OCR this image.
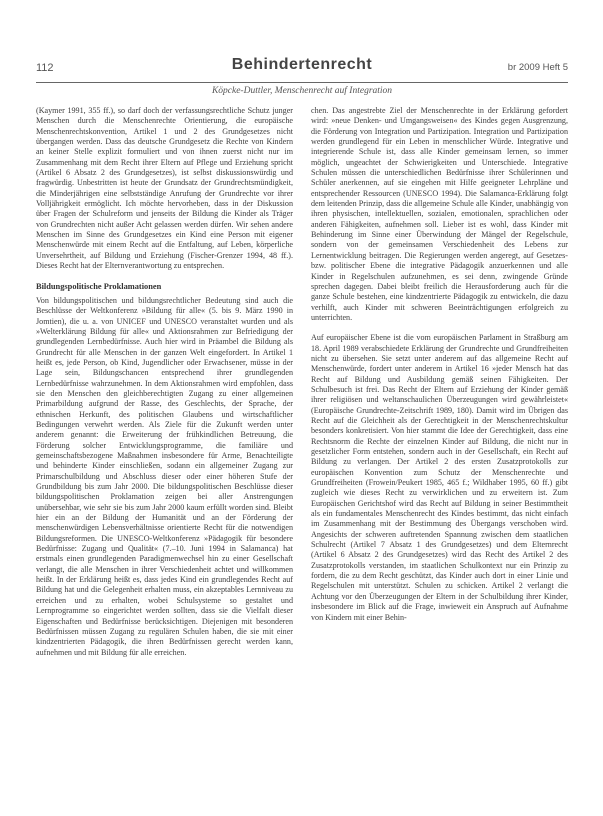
112	Behindertenrecht	br 2009 Heft 5
Köpcke-Duttler, Menschenrecht auf Integration

(Kaymer 1991, 355 ff.), so darf doch der verfassungsrechtliche Schutz junger Menschen durch die Menschenrechte Orientierung, die europäische Menschenrechtskonvention, Artikel 1 und 2 des Grundgesetzes nicht übergangen werden. Dass das deutsche Grundgesetz die Rechte von Kindern an keiner Stelle explizit formuliert und von ihnen zuerst nicht nur im Zusammenhang mit dem Recht ihrer Eltern auf Pflege und Erziehung spricht (Artikel 6 Absatz 2 des Grundgesetzes), ist selbst diskussionswürdig und fragwürdig. Unbestritten ist heute der Grundsatz der Grundrechtsmündigkeit, die Minderjährigen eine selbstständige Anrufung der Grundrechte vor ihrer Volljährigkeit ermöglicht. Ich möchte hervorheben, dass in der Diskussion über Fragen der Schulreform und jenseits der Bildung die Kinder als Träger von Grundrechten nicht außer Acht gelassen werden dürfen. Wir sehen andere Menschen im Sinne des Grundgesetzes ein Kind eine Person mit eigener Menschenwürde mit einem Recht auf die Entfaltung, auf Leben, körperliche Unversehrtheit, auf Bildung und Erziehung (Fischer-Grenzer 1994, 48 ff.). Dieses Recht hat der Elternverantwortung zu entsprechen.

Bildungspolitische Proklamationen

Von bildungspolitischen und bildungsrechtlicher Bedeutung sind auch die Beschlüsse der Weltkonferenz »Bildung für alle« (5. bis 9. März 1990 in Jomtien), die u. a. von UNICEF und UNESCO veranstaltet wurden und als »Welterklärung Bildung für alle« und Aktionsrahmen zur Befriedigung der grundlegenden Lernbedürfnisse. Auch hier wird in Präambel die Bildung als Grundrecht für alle Menschen in der ganzen Welt eingefordert. In Artikel 1 heißt es, jede Person, ob Kind, Jugendlicher oder Erwachsener, müsse in der Lage sein, Bildungschancen entsprechend ihrer grundlegenden Lernbedürfnisse wahrzunehmen. In dem Aktionsrahmen wird empfohlen, dass sie den Menschen den gleichberechtigten Zugang zu einer allgemeinen Primarbildung aufgrund der Rasse, des Geschlechts, der Sprache, der ethnischen Herkunft, des politischen Glaubens und wirtschaftlicher Bedingungen verwehrt werden. Als Ziele für die Zukunft werden unter anderem genannt: die Erweiterung der frühkindlichen Betreuung, die Förderung solcher Entwicklungsprogramme, die familiäre und gemeinschaftsbezogene Maßnahmen insbesondere für Arme, Benachteiligte und behinderte Kinder einschließen, sodann ein allgemeiner Zugang zur Primarschulbildung und Abschluss dieser oder einer höheren Stufe der Grundbildung bis zum Jahr 2000. Die bildungspolitischen Beschlüsse dieser bildungspolitischen Proklamation zeigen bei aller Anstrengungen unübersehbar, wie sehr sie bis zum Jahr 2000 kaum erfüllt worden sind. Bleibt hier ein an der Bildung der Humanität und an der Förderung der menschenwürdigen Lebensverhältnisse orientierte Recht für die notwendigen Bildungsreformen. Die UNESCO-Weltkonferenz »Pädagogik für besondere Bedürfnisse: Zugang und Qualität« (7.–10. Juni 1994 in Salamanca) hat erstmals einen grundlegenden Paradigmenwechsel hin zu einer Gesellschaft verlangt, die alle Menschen in ihrer Verschiedenheit achtet und willkommen heißt. In der Erklärung heißt es, dass jedes Kind ein grundlegendes Recht auf Bildung hat und die Gelegenheit erhalten muss, ein akzeptables Lernniveau zu erreichen und zu erhalten, wobei Schulsysteme so gestaltet und Lernprogramme so eingerichtet werden sollten, dass sie die Vielfalt dieser Eigenschaften und Bedürfnisse berücksichtigen. Diejenigen mit besonderen Bedürfnissen müssen Zugang zu regulären Schulen haben, die sie mit einer kindzentrierten Pädagogik, die ihren Bedürfnissen gerecht werden kann, aufnehmen und mit Bildung für alle erreichen.

chen. Das angestrebte Ziel der Menschenrechte in der Erklärung gefordert wird: »neue Denken- und Umgangsweisen« des Kindes gegen Ausgrenzung, die Förderung von Integration und Partizipation. Integration und Partizipation werden grundlegend für ein Leben in menschlicher Würde. Integrative und integrierende Schule ist, dass alle Kinder gemeinsam lernen, so immer möglich, ungeachtet der Schwierigkeiten und Unterschiede. Integrative Schulen müssen die unterschiedlichen Bedürfnisse ihrer Schülerinnen und Schüler anerkennen, auf sie eingehen mit Hilfe geeigneter Lehrpläne und entsprechender Ressourcen (UNESCO 1994). Die Salamanca-Erklärung folgt dem leitenden Prinzip, dass die allgemeine Schule alle Kinder, unabhängig von ihren physischen, intellektuellen, sozialen, emotionalen, sprachlichen oder anderen Fähigkeiten, aufnehmen soll. Lieber ist es wohl, dass Kinder mit Behinderung im Sinne einer Überwindung der Mängel der Regelschule, sondern von der gemeinsamen Verschiedenheit des Lebens zur Lernentwicklung beitragen. Die Regierungen werden angeregt, auf Gesetzes- bzw. politischer Ebene die integrative Pädagogik anzuerkennen und alle Kinder in Regelschulen aufzunehmen, es sei denn, zwingende Gründe sprechen dagegen. Dabei bleibt freilich die Herausforderung auch für die ganze Schule bestehen, eine kindzentrierte Pädagogik zu entwickeln, die dazu verhilft, auch Kinder mit schweren Beeinträchtigungen erfolgreich zu unterrichten.

Auf europäischer Ebene ist die vom europäischen Parlament in Straßburg am 18. April 1989 verabschiedete Erklärung der Grundrechte und Grundfreiheiten nicht zu übersehen. Sie setzt unter anderem auf das allgemeine Recht auf Menschenwürde, fordert unter anderem in Artikel 16 »jeder Mensch hat das Recht auf Bildung und Ausbildung gemäß seinen Fähigkeiten. Der Schulbesuch ist frei. Das Recht der Eltern auf Erziehung der Kinder gemäß ihrer religiösen und weltanschaulichen Überzeugungen wird gewährleistet« (Europäische Grundrechte-Zeitschrift 1989, 180). Damit wird im Übrigen das Recht auf die Gleichheit als der Gerechtigkeit in der Menschenrechtskultur besonders konkretisiert. Von hier stammt die Idee der Gerechtigkeit, dass eine Rechtsnorm die Rechte der einzelnen Kinder auf Bildung, die nicht nur in gesetzlicher Form entstehen, sondern auch in der Gesellschaft, ein Recht auf Bildung zu verlangen. Der Artikel 2 des ersten Zusatzprotokolls zur europäischen Konvention zum Schutz der Menschenrechte und Grundfreiheiten (Frowein/Peukert 1985, 465 f.; Wildhaber 1995, 60 ff.) gibt zugleich wie dieses Recht zu verwirklichen und zu erweitern ist. Zum Europäischen Gerichtshof wird das Recht auf Bildung in seiner Bestimmtheit als ein fundamentales Menschenrecht des Kindes bestimmt, das nicht einfach im Zusammenhang mit der Bestimmung des Übergangs verschoben wird. Angesichts der schweren auftretenden Spannung zwischen dem staatlichen Schulrecht (Artikel 7 Absatz 1 des Grundgesetzes) und dem Elternrecht (Artikel 6 Absatz 2 des Grundgesetzes) wird das Recht des Artikel 2 des Zusatzprotokolls verstanden, im staatlichen Schulkontext nur ein Prinzip zu fordern, die zu dem Recht geschützt, das Kinder auch dort in einer Linie und Regelschulen mit unterstützt. Schulen zu schicken. Artikel 2 verlangt die Achtung vor den Überzeugungen der Eltern in der Schulbildung ihrer Kinder, insbesondere im Blick auf die Frage, inwieweit ein Anspruch auf Aufnahme von Kindern mit einer Behin-
